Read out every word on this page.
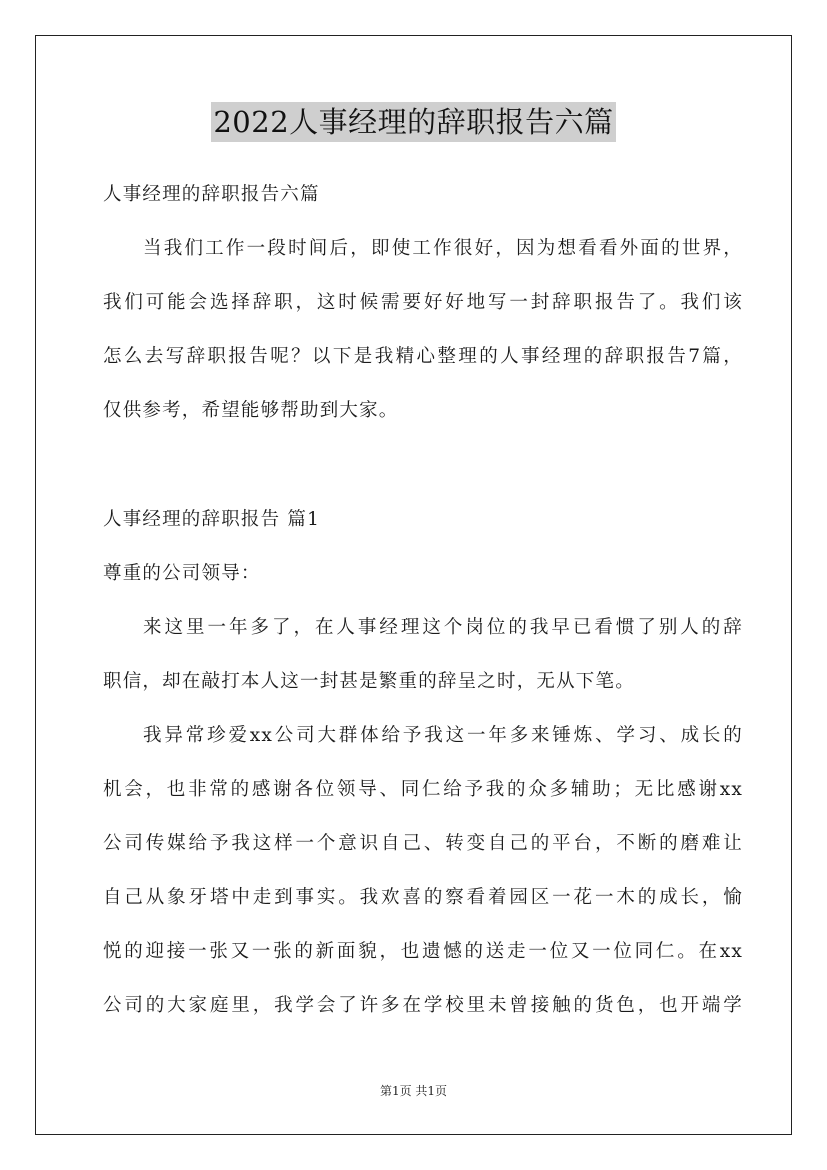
2022人事经理的辞职报告六篇
人事经理的辞职报告六篇
当我们工作一段时间后，即使工作很好，因为想看看外面的世界，
我们可能会选择辞职，这时候需要好好地写一封辞职报告了。我们该
怎么去写辞职报告呢？以下是我精心整理的人事经理的辞职报告7篇，
仅供参考，希望能够帮助到大家。
人事经理的辞职报告 篇1
尊重的公司领导：
来这里一年多了，在人事经理这个岗位的我早已看惯了别人的辞
职信，却在敲打本人这一封甚是繁重的辞呈之时，无从下笔。
我异常珍爱xx公司大群体给予我这一年多来锤炼、学习、成长的
机会，也非常的感谢各位领导、同仁给予我的众多辅助；无比感谢xx
公司传媒给予我这样一个意识自己、转变自己的平台，不断的磨难让
自己从象牙塔中走到事实。我欢喜的察看着园区一花一木的成长，愉
悦的迎接一张又一张的新面貌，也遗憾的送走一位又一位同仁。在xx
公司的大家庭里，我学会了许多在学校里未曾接触的货色，也开端学
第1页 共1页
